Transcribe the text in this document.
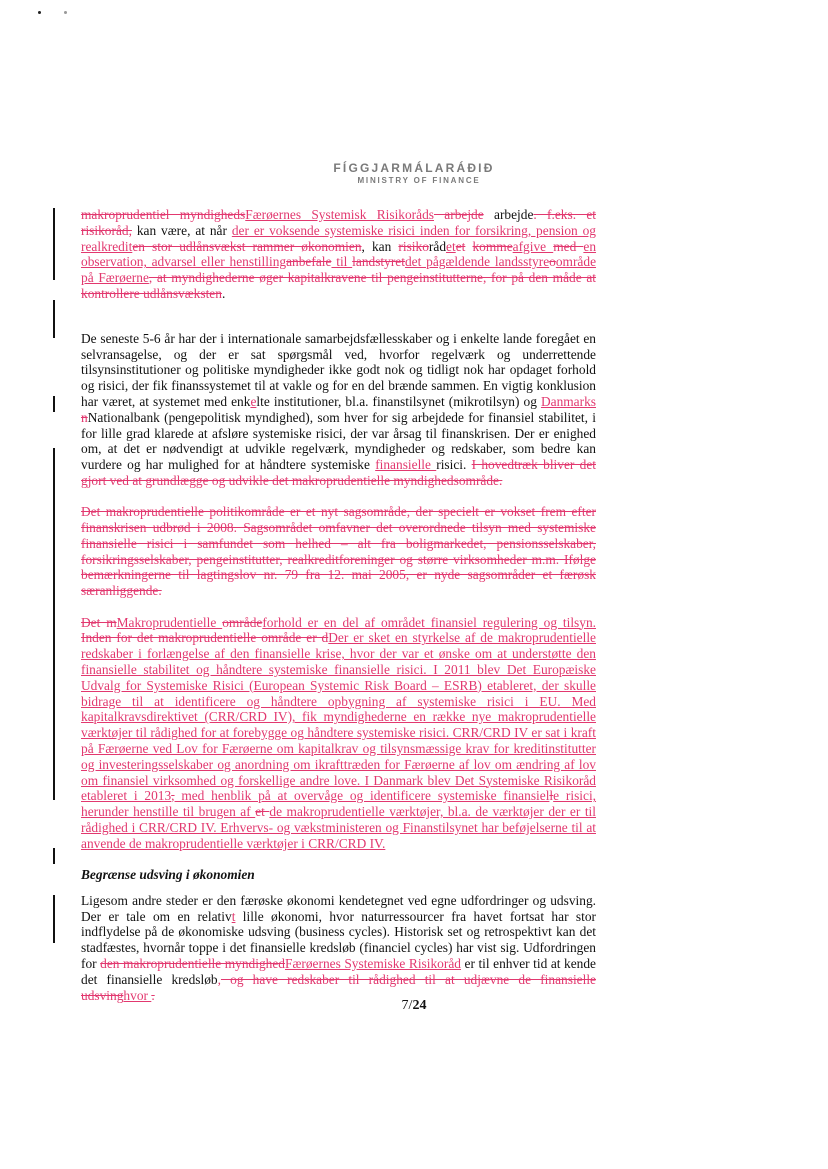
FÍGGJARMÁLARÁÐIÐ
MINISTRY OF FINANCE

makroprudentiel myndighedsFærøernes Systemisk Risikoråds arbejde arbejde. f.eks. et risikoråd, kan være, at når der er voksende systemiske risici inden for forsikring, pension og realkrediten stor udlånsvækst rammer økonomien, kan risikorådetet kommeafgive med en observation, advarsel eller henstillinganbefale til landstyretdet pågældende landsstyreoområde på Færøerne, at myndighederne øger kapitalkravene til pengeinstitutterne, for på den måde at kontrollere udlånsvæksten.

De seneste 5-6 år har der i internationale samarbejdsfællesskaber og i enkelte lande foregået en selvransagelse, og der er sat spørgsmål ved, hvorfor regelværk og underrettende tilsynsinstitutioner og politiske myndigheder ikke godt nok og tidligt nok har opdaget forhold og risici, der fik finanssystemet til at vakle og for en del brænde sammen. En vigtig konklusion har været, at systemet med enkelte institutioner, bl.a. finanstilsynet (mikrotilsyn) og Danmarks nNationalbank (pengepolitisk myndighed), som hver for sig arbejdede for finansiel stabilitet, i for lille grad klarede at afsløre systemiske risici, der var årsag til finanskrisen. Der er enighed om, at det er nødvendigt at udvikle regelværk, myndigheder og redskaber, som bedre kan vurdere og har mulighed for at håndtere systemiske finansielle risici. I hovedtræk bliver det gjort ved at grundlægge og udvikle det makroprudentielle myndighedsområde.

Det makroprudentielle politikområde er et nyt sagsområde, der specielt er vokset frem efter finanskrisen udbrød i 2008. Sagsområdet omfavner det overordnede tilsyn med systemiske finansielle risici i samfundet som helhed – alt fra boligmarkedet, pensionsselskaber, forsikringsselskaber, pengeinstitutter, realkreditforeninger og større virksomheder m.m. Ifølge bemærkningerne til lagtingslov nr. 79 fra 12. mai 2005, er nyde sagsområder et færøsk særanliggende.

Det mMakroprudentielle områdeforhold er en del af området finansiel regulering og tilsyn. Inden for det makroprudentielle område er dDer er sket en styrkelse af de makroprudentielle redskaber i forlængelse af den finansielle krise, hvor der var et ønske om at understøtte den finansielle stabilitet og håndtere systemiske finansielle risici. I 2011 blev Det Europæiske Udvalg for Systemiske Risici (European Systemic Risk Board – ESRB) etableret, der skulle bidrage til at identificere og håndtere opbygning af systemiske risici i EU. Med kapitalkravsdirektivet (CRR/CRD IV), fik myndighederne en række nye makroprudentielle værktøjer til rådighed for at forebygge og håndtere systemiske risici. CRR/CRD IV er sat i kraft på Færøerne ved Lov for Færøerne om kapitalkrav og tilsynsmæssige krav for kreditinstitutter og investeringsselskaber og anordning om ikrafttræden for Færøerne af lov om ændring af lov om finansiel virksomhed og forskellige andre love. I Danmark blev Det Systemiske Risikoråd etableret i 2013, med henblik på at overvåge og identificere systemiske finansielle risici, herunder henstille til brugen af et de makroprudentielle værktøjer, bl.a. de værktøjer der er til rådighed i CRR/CRD IV. Erhvervs- og vækstministeren og Finanstilsynet har beføjelserne til at anvende de makroprudentielle værktøjer i CRR/CRD IV.

Begrænse udsving i økonomien

Ligesom andre steder er den færøske økonomi kendetegnet ved egne udfordringer og udsving. Der er tale om en relativt lille økonomi, hvor naturressourcer fra havet fortsat har stor indflydelse på de økonomiske udsving (business cycles). Historisk set og retrospektivt kan det stadfæstes, hvornår toppe i det finansielle kredsløb (financiel cycles) har vist sig. Udfordringen for den makroprudentielle myndighedFærøernes Systemiske Risikoråd er til enhver tid at kende det finansielle kredsløb, og have redskaber til rådighed til at udjævne de finansielle udsvinghvor .

7/24
